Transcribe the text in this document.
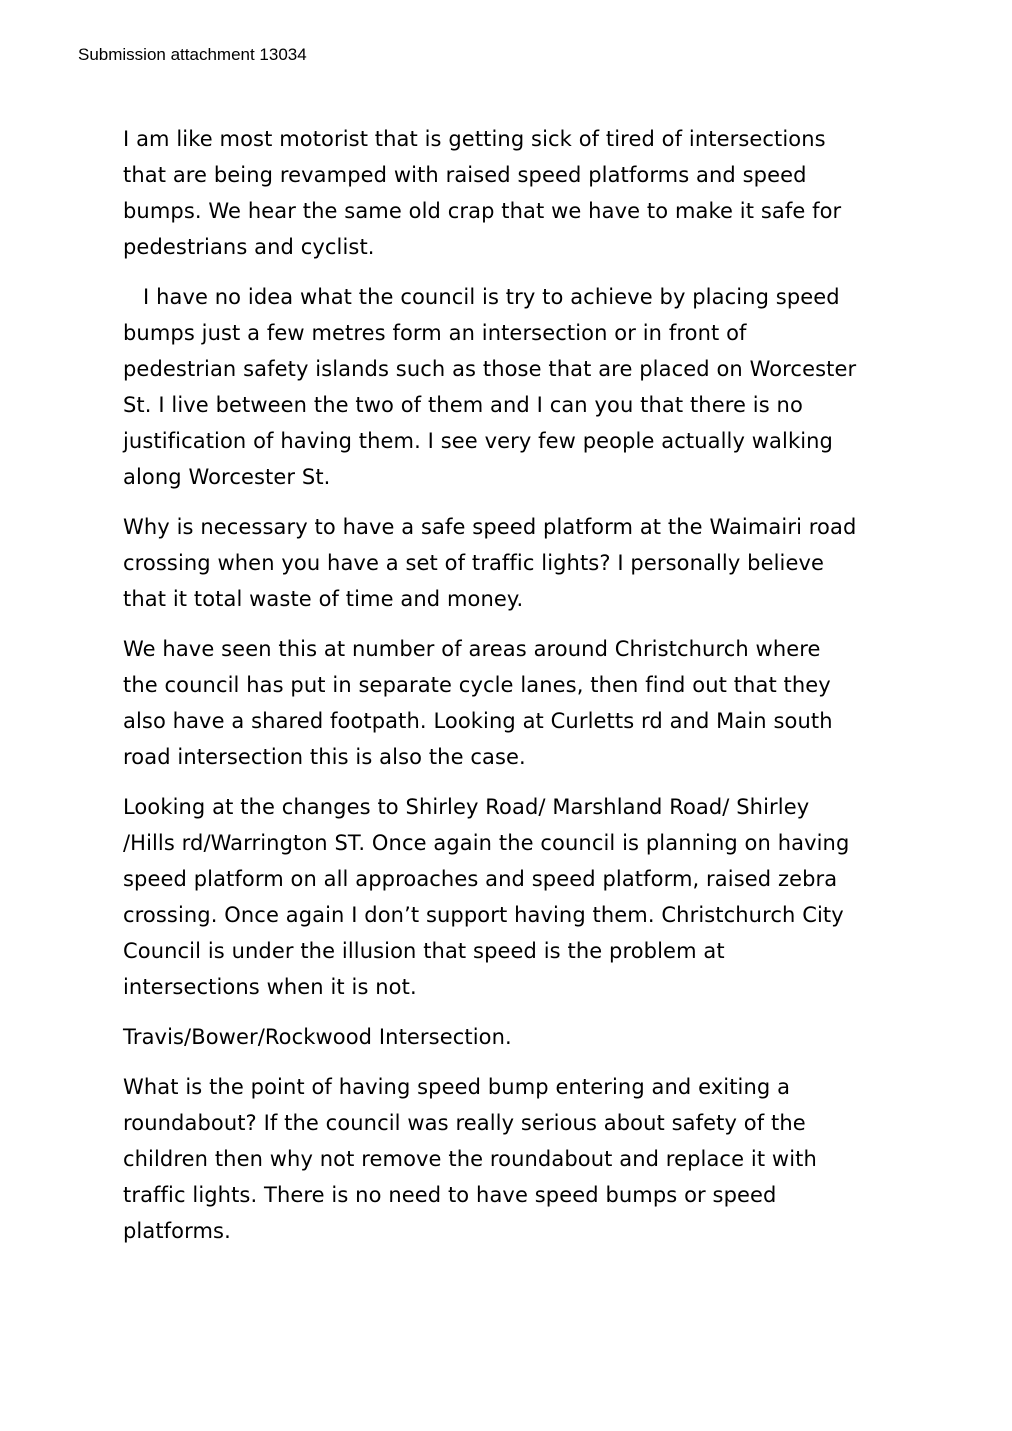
Submission attachment 13034

I am like most motorist that is getting sick of tired of intersections
that are being revamped with raised speed platforms and speed
bumps. We hear the same old crap that we have to make it safe for
pedestrians and cyclist.

I have no idea what the council is try to achieve by placing speed
bumps just a few metres form an intersection or in front of
pedestrian safety islands such as those that are placed on Worcester
St. I live between the two of them and I can you that there is no
justification of having them. I see very few people actually walking
along Worcester St.

Why is necessary to have a safe speed platform at the Waimairi road
crossing when you have a set of traffic lights? I personally believe
that it total waste of time and money.

We have seen this at number of areas around Christchurch where
the council has put in separate cycle lanes, then find out that they
also have a shared footpath. Looking at Curletts rd and Main south
road intersection this is also the case.

Looking at the changes to Shirley Road/ Marshland Road/ Shirley
/Hills rd/Warrington ST. Once again the council is planning on having
speed platform on all approaches and speed platform, raised zebra
crossing. Once again I don’t support having them. Christchurch City
Council is under the illusion that speed is the problem at
intersections when it is not.

Travis/Bower/Rockwood Intersection.

What is the point of having speed bump entering and exiting a
roundabout? If the council was really serious about safety of the
children then why not remove the roundabout and replace it with
traffic lights. There is no need to have speed bumps or speed
platforms.
